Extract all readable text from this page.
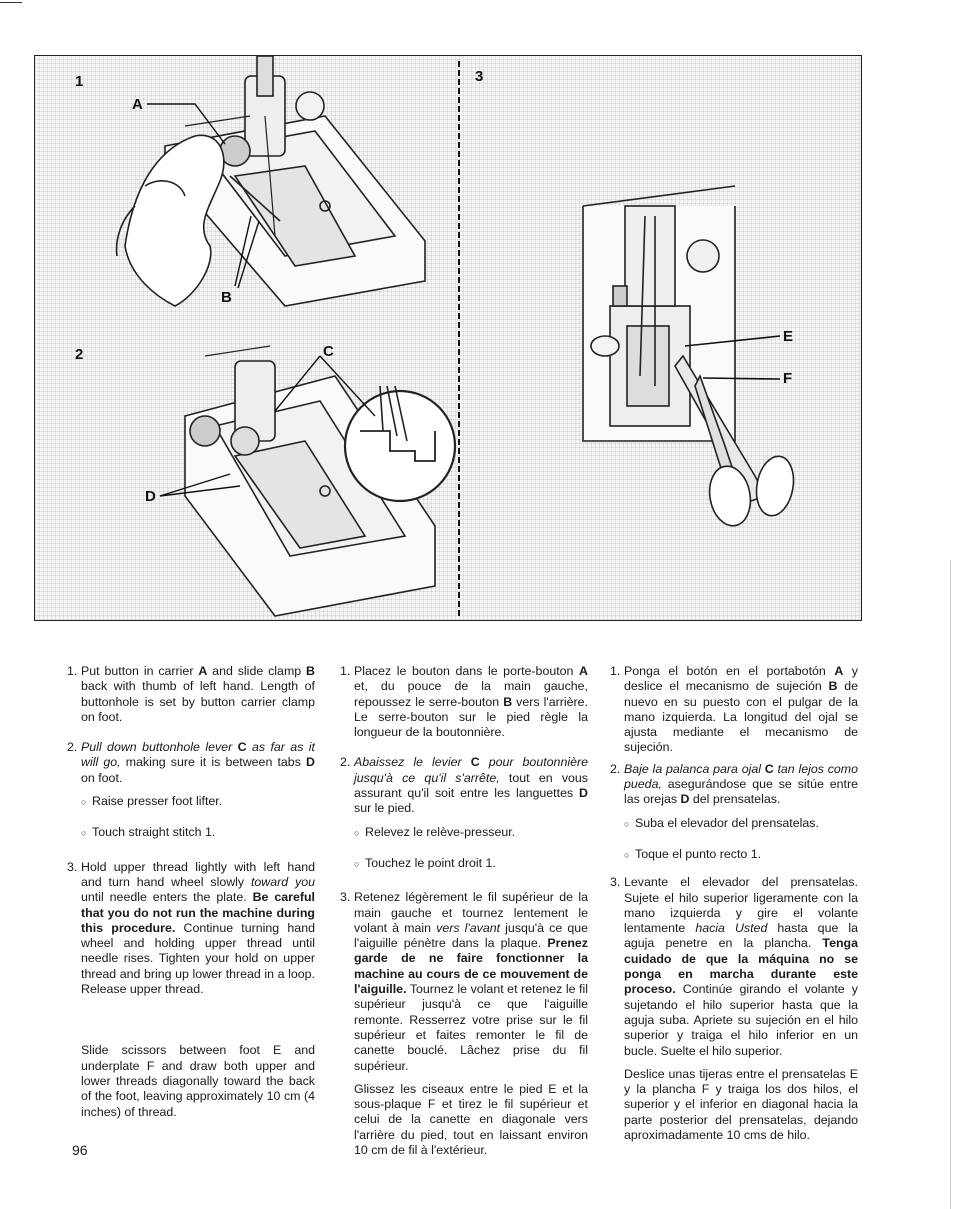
1
2
3
A
B
C
D
E
F

1. Put button in carrier A and slide clamp B back with thumb of left hand. Length of buttonhole is set by button carrier clamp on foot.

2. Pull down buttonhole lever C as far as it will go, making sure it is between tabs D on foot.

○ Raise presser foot lifter.

○ Touch straight stitch 1.

3. Hold upper thread lightly with left hand and turn hand wheel slowly toward you until needle enters the plate. Be careful that you do not run the machine during this procedure. Continue turning hand wheel and holding upper thread until needle rises. Tighten your hold on upper thread and bring up lower thread in a loop. Release upper thread.

Slide scissors between foot E and underplate F and draw both upper and lower threads diagonally toward the back of the foot, leaving approximately 10 cm (4 inches) of thread.

1. Placez le bouton dans le porte-bouton A et, du pouce de la main gauche, repoussez le serre-bouton B vers l'arrière. Le serre-bouton sur le pied règle la longueur de la boutonnière.

2. Abaissez le levier C pour boutonnière jusqu'à ce qu'il s'arrête, tout en vous assurant qu'il soit entre les languettes D sur le pied.

○ Relevez le relève-presseur.

○ Touchez le point droit 1.

3. Retenez légèrement le fil supérieur de la main gauche et tournez lentement le volant à main vers l'avant jusqu'à ce que l'aiguille pénètre dans la plaque. Prenez garde de ne faire fonctionner la machine au cours de ce mouvement de l'aiguille. Tournez le volant et retenez le fil supérieur jusqu'à ce que l'aiguille remonte. Resserrez votre prise sur le fil supérieur et faites remonter le fil de canette bouclé. Lâchez prise du fil supérieur.

Glissez les ciseaux entre le pied E et la sous-plaque F et tirez le fil supérieur et celui de la canette en diagonale vers l'arrière du pied, tout en laissant environ 10 cm de fil à l'extérieur.

1. Ponga el botón en el portabotón A y deslice el mecanismo de sujeción B de nuevo en su puesto con el pulgar de la mano izquierda. La longitud del ojal se ajusta mediante el mecanismo de sujeción.

2. Baje la palanca para ojal C tan lejos como pueda, asegurándose que se sitúe entre las orejas D del prensatelas.

○ Suba el elevador del prensatelas.

○ Toque el punto recto 1.

3. Levante el elevador del prensatelas. Sujete el hilo superior ligeramente con la mano izquierda y gire el volante lentamente hacia Usted hasta que la aguja penetre en la plancha. Tenga cuidado de que la máquina no se ponga en marcha durante este proceso. Continúe girando el volante y sujetando el hilo superior hasta que la aguja suba. Apriete su sujeción en el hilo superior y traiga el hilo inferior en un bucle. Suelte el hilo superior.

Deslice unas tijeras entre el prensatelas E y la plancha F y traiga los dos hilos, el superior y el inferior en diagonal hacia la parte posterior del prensatelas, dejando aproximadamente 10 cms de hilo.

96
